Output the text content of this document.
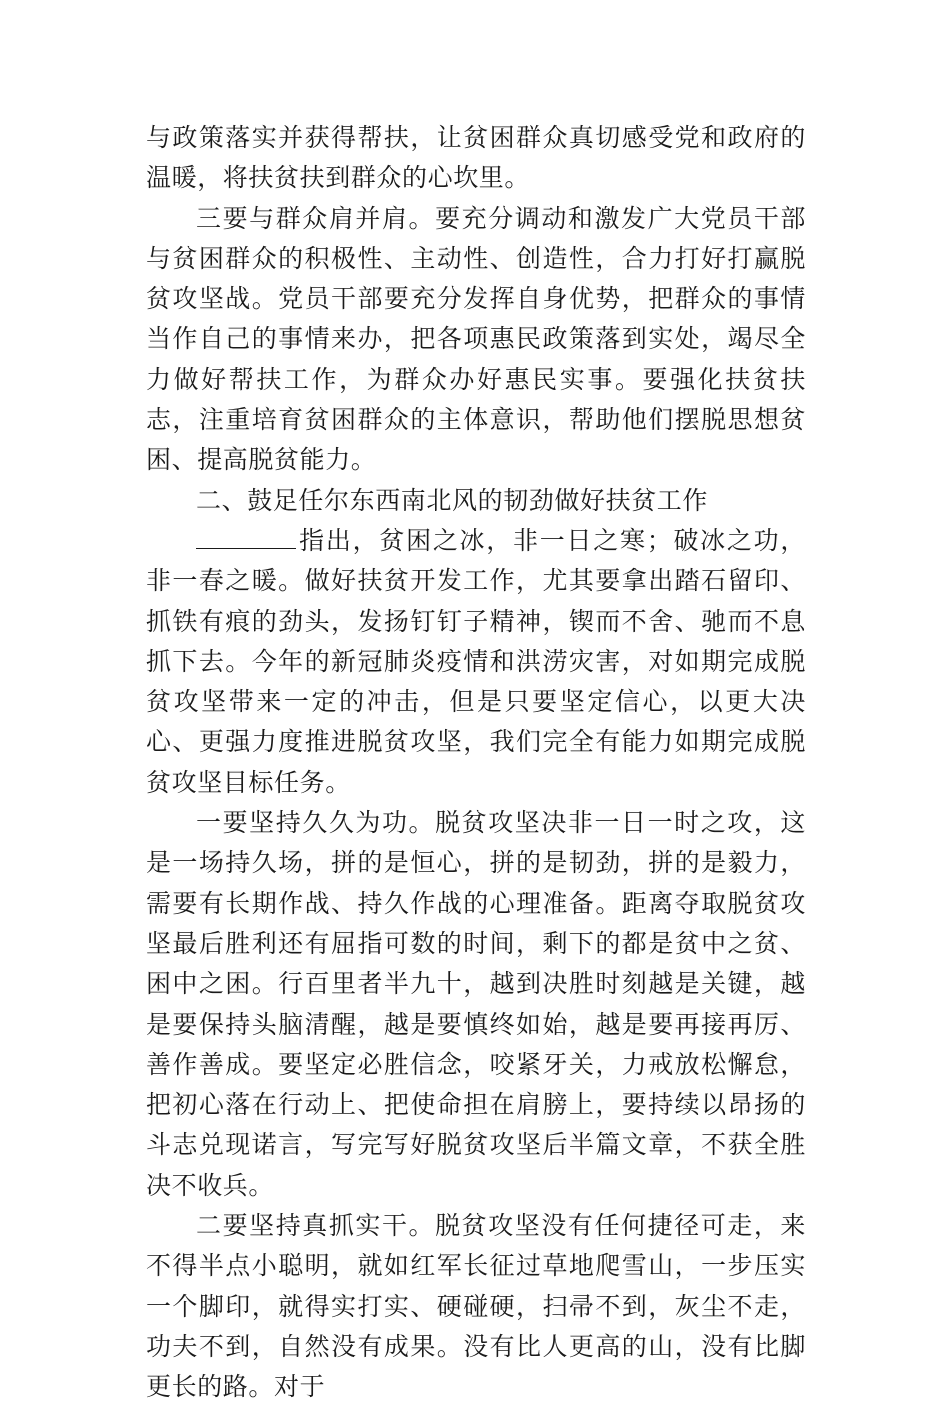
与政策落实并获得帮扶，让贫困群众真切感受党和政府的温暖，将扶贫扶到群众的心坎里。

三要与群众肩并肩。要充分调动和激发广大党员干部与贫困群众的积极性、主动性、创造性，合力打好打赢脱贫攻坚战。党员干部要充分发挥自身优势，把群众的事情当作自己的事情来办，把各项惠民政策落到实处，竭尽全力做好帮扶工作，为群众办好惠民实事。要强化扶贫扶志，注重培育贫困群众的主体意识，帮助他们摆脱思想贫困、提高脱贫能力。

二、鼓足任尔东西南北风的韧劲做好扶贫工作

指出，贫困之冰，非一日之寒；破冰之功，非一春之暖。做好扶贫开发工作，尤其要拿出踏石留印、抓铁有痕的劲头，发扬钉钉子精神，锲而不舍、驰而不息抓下去。今年的新冠肺炎疫情和洪涝灾害，对如期完成脱贫攻坚带来一定的冲击，但是只要坚定信心，以更大决心、更强力度推进脱贫攻坚，我们完全有能力如期完成脱贫攻坚目标任务。

一要坚持久久为功。脱贫攻坚决非一日一时之攻，这是一场持久场，拼的是恒心，拼的是韧劲，拼的是毅力，需要有长期作战、持久作战的心理准备。距离夺取脱贫攻坚最后胜利还有屈指可数的时间，剩下的都是贫中之贫、困中之困。行百里者半九十，越到决胜时刻越是关键，越是要保持头脑清醒，越是要慎终如始，越是要再接再厉、善作善成。要坚定必胜信念，咬紧牙关，力戒放松懈怠，把初心落在行动上、把使命担在肩膀上，要持续以昂扬的斗志兑现诺言，写完写好脱贫攻坚后半篇文章，不获全胜决不收兵。

二要坚持真抓实干。脱贫攻坚没有任何捷径可走，来不得半点小聪明，就如红军长征过草地爬雪山，一步压实一个脚印，就得实打实、硬碰硬，扫帚不到，灰尘不走，功夫不到，自然没有成果。没有比人更高的山，没有比脚更长的路。对于
